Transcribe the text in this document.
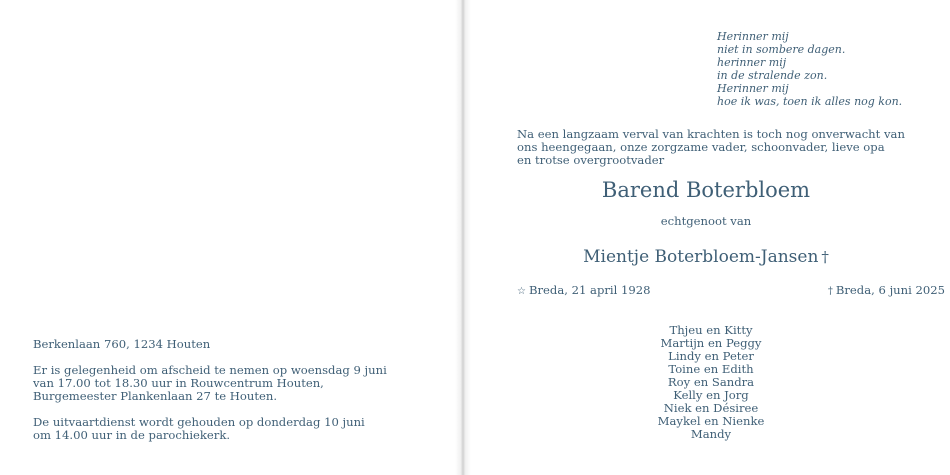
Berkenlaan 760, 1234 Houten
Er is gelegenheid om afscheid te nemen op woensdag 9 juni
van 17.00 tot 18.30 uur in Rouwcentrum Houten,
Burgemeester Plankenlaan 27 te Houten.
De uitvaartdienst wordt gehouden op donderdag 10 juni
om 14.00 uur in de parochiekerk.
Herinner mij
niet in sombere dagen.
herinner mij
in de stralende zon.
Herinner mij
hoe ik was, toen ik alles nog kon.
Na een langzaam verval van krachten is toch nog onverwacht van
ons heengegaan, onze zorgzame vader, schoonvader, lieve opa
en trotse overgrootvader
Barend Boterbloem
echtgenoot van
Mientje Boterbloem-Jansen †
☆ Breda, 21 april 1928	† Breda, 6 juni 2025
Thjeu en Kitty
Martijn en Peggy
Lindy en Peter
Toine en Edith
Roy en Sandra
Kelly en Jorg
Niek en Désiree
Maykel en Nienke
Mandy
